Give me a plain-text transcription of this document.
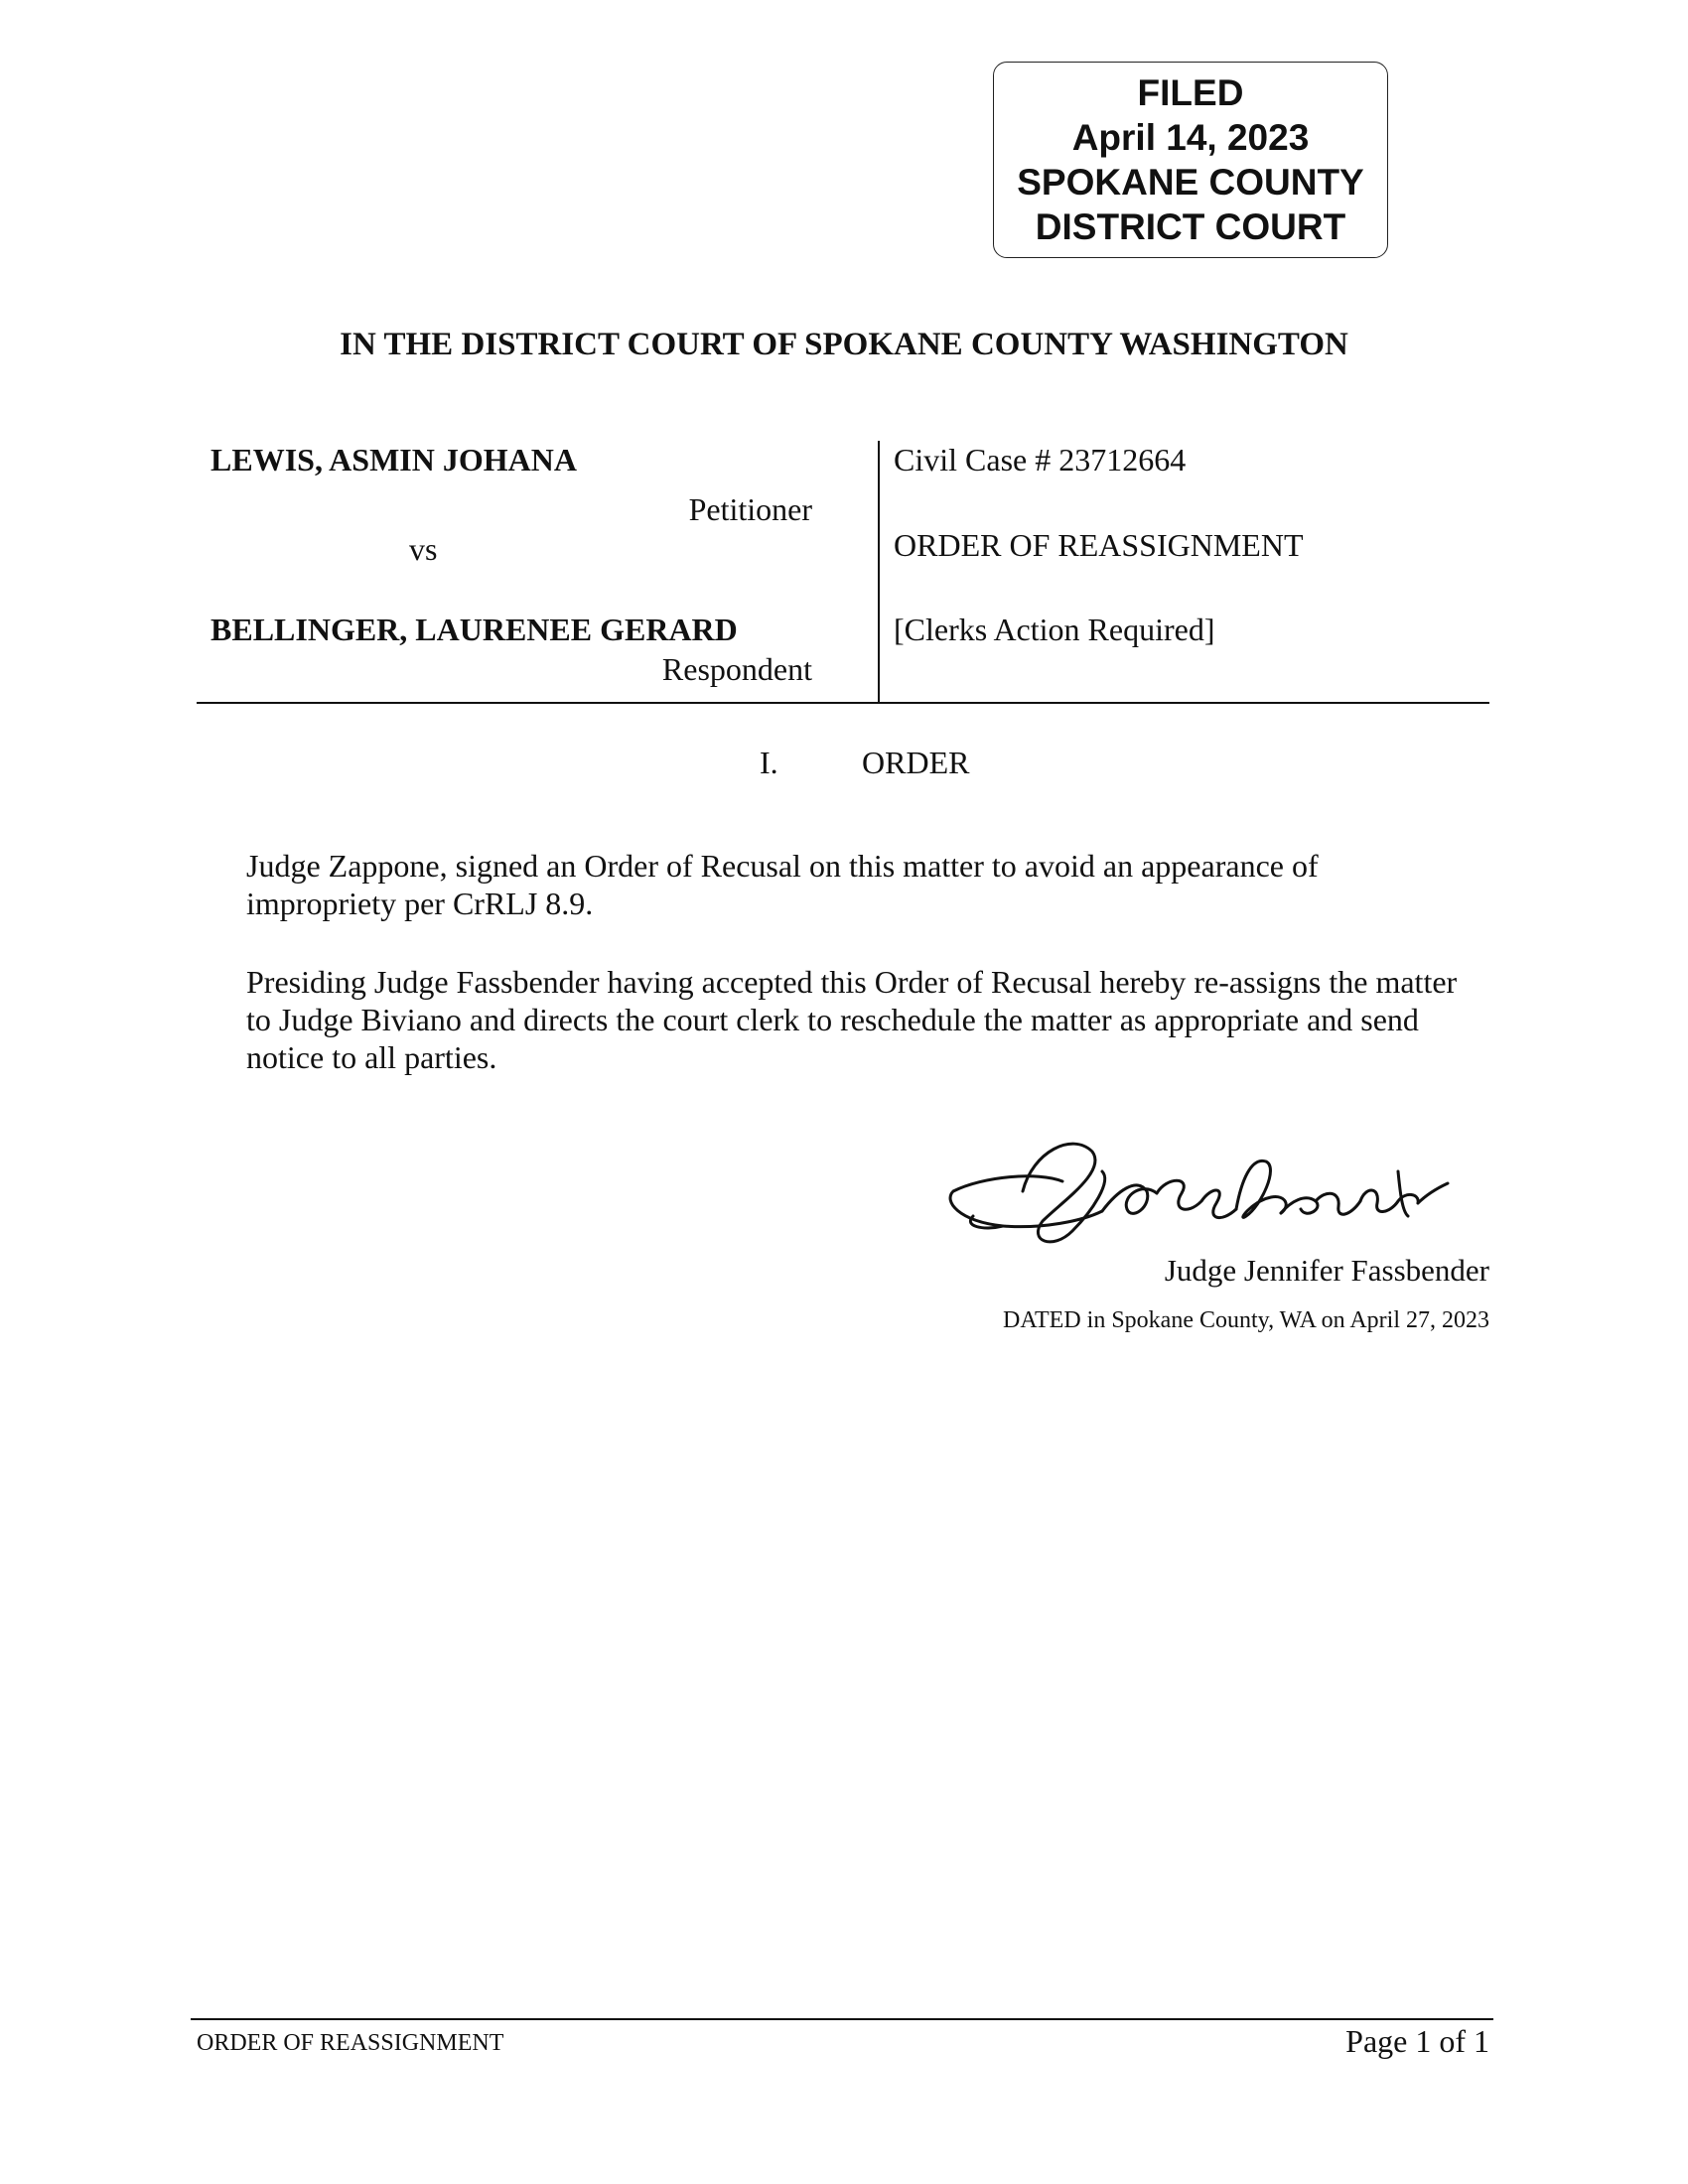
FILED
April 14, 2023
SPOKANE COUNTY
DISTRICT COURT
IN THE DISTRICT COURT OF SPOKANE COUNTY WASHINGTON
LEWIS, ASMIN JOHANA
Petitioner
vs
BELLINGER, LAURENEE GERARD
Respondent
Civil Case # 23712664
ORDER OF REASSIGNMENT
[Clerks Action Required]
I.	ORDER
Judge Zappone, signed an Order of Recusal on this matter to avoid an appearance of impropriety per CrRLJ 8.9.
Presiding Judge Fassbender having accepted this Order of Recusal hereby re-assigns the matter to Judge Biviano and directs the court clerk to reschedule the matter as appropriate and send notice to all parties.
Judge Jennifer Fassbender
DATED in Spokane County, WA on April 27, 2023
ORDER OF REASSIGNMENT	Page 1 of 1
